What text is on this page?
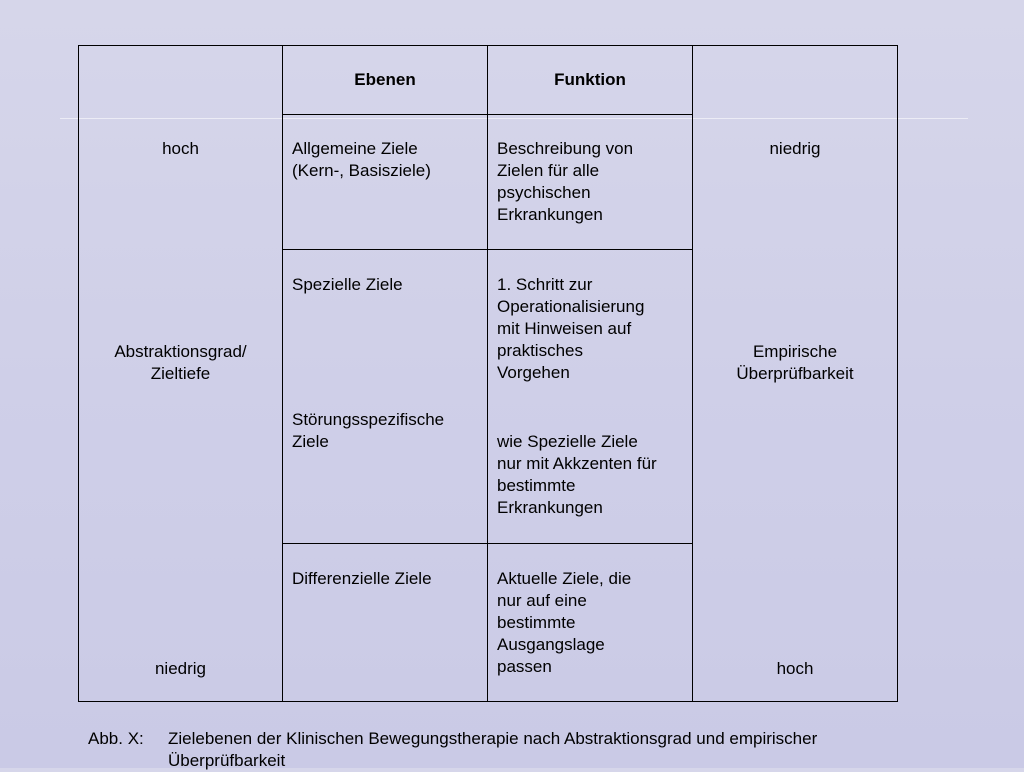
Ebenen	Funktion
hoch
Abstraktionsgrad/
Zieltiefe
niedrig
niedrig
Empirische
Überprüfbarkeit
hoch
Allgemeine Ziele
(Kern-, Basisziele)
Spezielle Ziele
Störungsspezifische
Ziele
Differenzielle Ziele
Beschreibung von
Zielen für alle
psychischen
Erkrankungen
1. Schritt zur
Operationalisierung
mit Hinweisen auf
praktisches
Vorgehen
wie Spezielle Ziele
nur mit Akkzenten für
bestimmte
Erkrankungen
Aktuelle Ziele, die
nur auf eine
bestimmte
Ausgangslage
passen
Abb. X: Zielebenen der Klinischen Bewegungstherapie nach Abstraktionsgrad und empirischer Überprüfbarkeit
